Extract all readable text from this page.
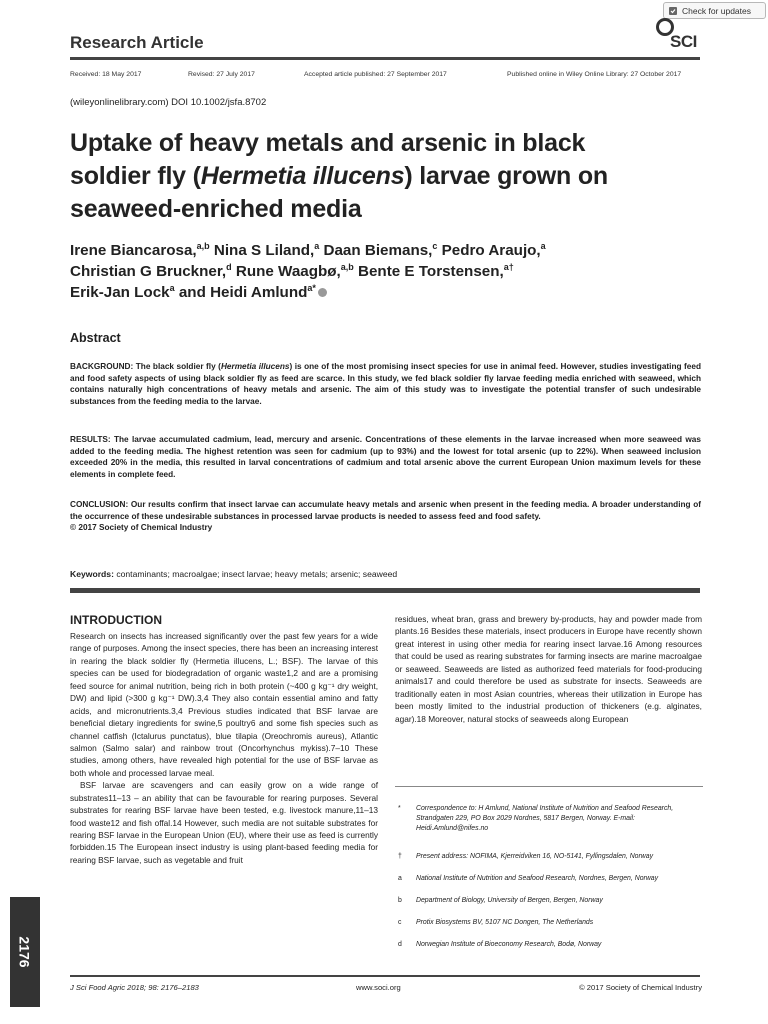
Check for updates
SCI
Research Article
Received: 18 May 2017	Revised: 27 July 2017	Accepted article published: 27 September 2017	Published online in Wiley Online Library: 27 October 2017
(wileyonlinelibrary.com) DOI 10.1002/jsfa.8702
Uptake of heavy metals and arsenic in black
soldier fly (Hermetia illucens) larvae grown on
seaweed-enriched media
Irene Biancarosa,$^{a,b}$ Nina S Liland,$^a$ Daan Biemans,$^c$ Pedro Araujo,$^a$
Christian G Bruckner,$^d$ Rune Waagbø,$^{a,b}$ Bente E Torstensen,$^{a\dagger}$
Erik-Jan Lock$^a$ and Heidi Amlund$^{a*}$
Abstract
BACKGROUND: The black soldier fly (Hermetia illucens) is one of the most promising insect species for use in animal feed. However, studies investigating feed and food safety aspects of using black soldier fly as feed are scarce. In this study, we fed black soldier fly larvae feeding media enriched with seaweed, which contains naturally high concentrations of heavy metals and arsenic. The aim of this study was to investigate the potential transfer of such undesirable substances from the feeding media to the larvae.
RESULTS: The larvae accumulated cadmium, lead, mercury and arsenic. Concentrations of these elements in the larvae increased when more seaweed was added to the feeding media. The highest retention was seen for cadmium (up to 93%) and the lowest for total arsenic (up to 22%). When seaweed inclusion exceeded 20% in the media, this resulted in larval concentrations of cadmium and total arsenic above the current European Union maximum levels for these elements in complete feed.
CONCLUSION: Our results confirm that insect larvae can accumulate heavy metals and arsenic when present in the feeding media. A broader understanding of the occurrence of these undesirable substances in processed larvae products is needed to assess feed and food safety.
© 2017 Society of Chemical Industry
Keywords: contaminants; macroalgae; insect larvae; heavy metals; arsenic; seaweed
INTRODUCTION

Research on insects has increased significantly over the past few years for a wide range of purposes. Among the insect species, there has been an increasing interest in rearing the black soldier fly (Hermetia illucens, L.; BSF). The larvae of this species can be used for biodegradation of organic waste1,2 and are a promising feed source for animal nutrition, being rich in both protein (~400 g kg⁻¹ dry weight, DW) and lipid (>300 g kg⁻¹ DW).3,4 They also contain essential amino and fatty acids, and micronutrients.3,4 Previous studies indicated that BSF larvae are beneficial dietary ingredients for swine,5 poultry6 and some fish species such as channel catfish (Ictalurus punctatus), blue tilapia (Oreochromis aureus), Atlantic salmon (Salmo salar) and rainbow trout (Oncorhynchus mykiss).7–10 These studies, among others, have revealed high potential for the use of BSF larvae as both whole and processed larvae meal.

BSF larvae are scavengers and can easily grow on a wide range of substrates11–13 – an ability that can be favourable for rearing purposes. Several substrates for rearing BSF larvae have been tested, e.g. livestock manure,11–13 food waste12 and fish offal.14 However, such media are not suitable substrates for rearing BSF larvae in the European Union (EU), where their use as feed is currently forbidden.15 The European insect industry is using plant-based feeding media for rearing BSF larvae, such as vegetable and fruit

residues, wheat bran, grass and brewery by-products, hay and powder made from plants.16 Besides these materials, insect producers in Europe have recently shown great interest in using other media for rearing insect larvae.16 Among resources that could be used as rearing substrates for farming insects are marine macroalgae or seaweed. Seaweeds are listed as authorized feed materials for food-producing animals17 and could therefore be used as substrate for insects. Seaweeds are traditionally eaten in most Asian countries, whereas their utilization in Europe has been mostly limited to the industrial production of thickeners (e.g. alginates, agar).18 Moreover, natural stocks of seaweeds along European

* Correspondence to: H Amlund, National Institute of Nutrition and Seafood Research, Strandgaten 229, PO Box 2029 Nordnes, 5817 Bergen, Norway. E-mail: Heidi.Amlund@nifes.no
† Present address: NOFIMA, Kjerreidviken 16, NO-5141, Fyllingsdalen, Norway
a National Institute of Nutrition and Seafood Research, Nordnes, Bergen, Norway
b Department of Biology, University of Bergen, Bergen, Norway
c Protix Biosystems BV, 5107 NC Dongen, The Netherlands
d Norwegian Institute of Bioeconomy Research, Bodø, Norway
2176
J Sci Food Agric 2018; 98: 2176–2183	www.soci.org	© 2017 Society of Chemical Industry
